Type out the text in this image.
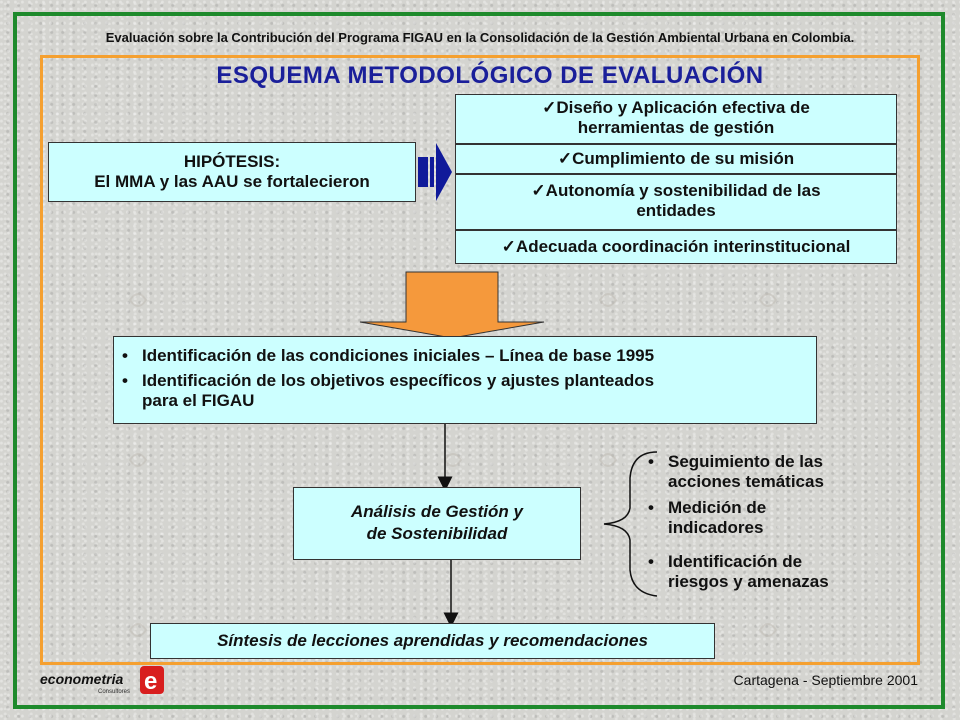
Evaluación sobre la Contribución del Programa FIGAU en la Consolidación de la Gestión Ambiental Urbana en Colombia.
ESQUEMA METODOLÓGICO DE EVALUACIÓN
HIPÓTESIS:
El MMA y las AAU se fortalecieron
✓Diseño y Aplicación efectiva de
herramientas de gestión
✓Cumplimiento de su misión
✓Autonomía y sostenibilidad de las
entidades
✓Adecuada coordinación interinstitucional
• Identificación de las condiciones iniciales – Línea de base 1995
• Identificación de los objetivos específicos y ajustes planteados
para el FIGAU
Análisis de Gestión y
de Sostenibilidad
• Seguimiento de las
acciones temáticas
• Medición de
indicadores
• Identificación de
riesgos y amenazas
Síntesis de lecciones aprendidas y recomendaciones
econometria
Consultores e	Cartagena - Septiembre 2001
